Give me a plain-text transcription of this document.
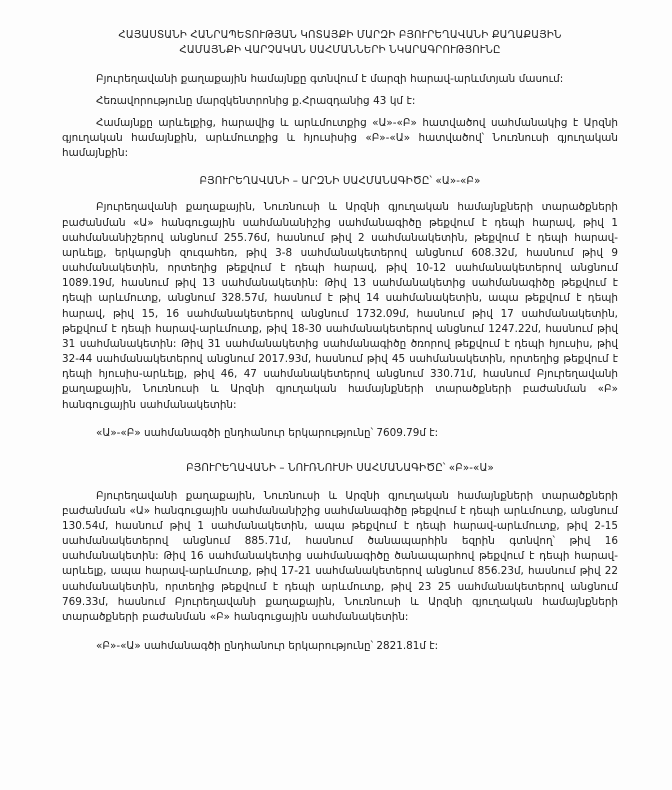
ՀԱՅԱՍՏԱՆԻ ՀԱՆՐԱՊԵՏՈՒԹՅԱՆ ԿՈՏԱՅՔԻ ՄԱՐԶԻ ԲՅՈՒՐԵՂԱՎԱՆԻ ՔԱՂԱՔԱՅԻՆ
ՀԱՄԱՅՆՔԻ ՎԱՐՉԱԿԱՆ ՍԱՀՄԱՆՆԵՐԻ ՆԿԱՐԱԳՐՈՒԹՅՈՒՆԸ

Բյուրեղավանի քաղաքային համայնքը գտնվում է մարզի հարավ-արևմտյան մասում:

Հեռավորությունը մարզկենտրոնից ք.Հրազդանից 43 կմ է:

Համայնքը արևելքից, հարավից և արևմուտքից «Ա»-«Բ» հատվածով սահմանակից է Արզնի գյուղական համայնքին, արևմուտքից և հյուսիսից «Բ»-«Ա» հատվածով՝ Նուռնուսի գյուղական համայնքին:

ԲՅՈՒՐԵՂԱՎԱՆԻ – ԱՐԶՆԻ ՍԱՀՄԱՆԱԳԻԾԸ՝ «Ա»-«Բ»

Բյուրեղավանի քաղաքային, Նուռնուսի և Արզնի գյուղական համայնքների տարածքների բաժանման «Ա» հանգուցային սահմանանիշից սահմանագիծը թեքվում է դեպի հարավ, թիվ 1 սահմանանիշերով անցնում 255.76մ, հասնում թիվ 2 սահմանակետին, թեքվում է դեպի հարավ-արևելք, երկարցնի զուգահեռ, թիվ 3-8 սահմանակետերով անցնում 608.32մ, հասնում թիվ 9 սահմանակետին, որտեղից թեքվում է դեպի հարավ, թիվ 10-12 սահմանակետերով անցնում 1089.19մ, հասնում թիվ 13 սահմանակետին: Թիվ 13 սահմանակետից սահմանագիծը թեքվում է դեպի արևմուտք, անցնում 328.57մ, հասնում է թիվ 14 սահմանակետին, ապա թեքվում է դեպի հարավ, թիվ 15, 16 սահմանակետերով անցնում 1732.09մ, հասնում թիվ 17 սահմանակետին, թեքվում է դեպի հարավ-արևմուտք, թիվ 18-30 սահմանակետերով անցնում 1247.22մ, հասնում թիվ 31 սահմանակետին: Թիվ 31 սահմանակետից սահմանագիծը ծռորով թեքվում է դեպի հյուսիս, թիվ 32-44 սահմանակետերով անցնում 2017.93մ, հասնում թիվ 45 սահմանակետին, որտեղից թեքվում է դեպի հյուսիս-արևելք, թիվ 46, 47 սահմանակետերով անցնում 330.71մ, հասնում Բյուրեղավանի քաղաքային, Նուռնուսի և Արզնի գյուղական համայնքների տարածքների բաժանման «Բ» հանգուցային սահմանակետին:

«Ա»-«Բ» սահմանագծի ընդհանուր երկարությունը՝ 7609.79մ է:

ԲՅՈՒՐԵՂԱՎԱՆԻ – ՆՈՒՌՆՈՒՍԻ ՍԱՀՄԱՆԱԳԻԾԸ՝ «Բ»-«Ա»

Բյուրեղավանի քաղաքային, Նուռնուսի և Արզնի գյուղական համայնքների տարածքների բաժանման «Ա» հանգուցային սահմանանիշից սահմանագիծը թեքվում է դեպի արևմուտք, անցնում 130.54մ, հասնում թիվ 1 սահմանակետին, ապա թեքվում է դեպի հարավ-արևմուտք, թիվ 2-15 սահմանակետերով անցնում 885.71մ, հասնում ծանապարհին եզրին գտնվող՝ թիվ 16 սահմանակետին: Թիվ 16 սահմանակետից սահմանագիծը ծանապարհով թեքվում է դեպի հարավ-արևելք, ապա հարավ-արևմուտք, թիվ 17-21 սահմանակետերով անցնում 856.23մ, հասնում թիվ 22 սահմանակետին, որտեղից թեքվում է դեպի արևմուտք, թիվ 23 25 սահմանակետերով անցնում 769.33մ, հասնում Բյուրեղավանի քաղաքային, Նուռնուսի և Արզնի գյուղական համայնքների տարածքների բաժանման «Բ» հանգուցային սահմանակետին:

«Բ»-«Ա» սահմանագծի ընդհանուր երկարությունը՝ 2821.81մ է:
